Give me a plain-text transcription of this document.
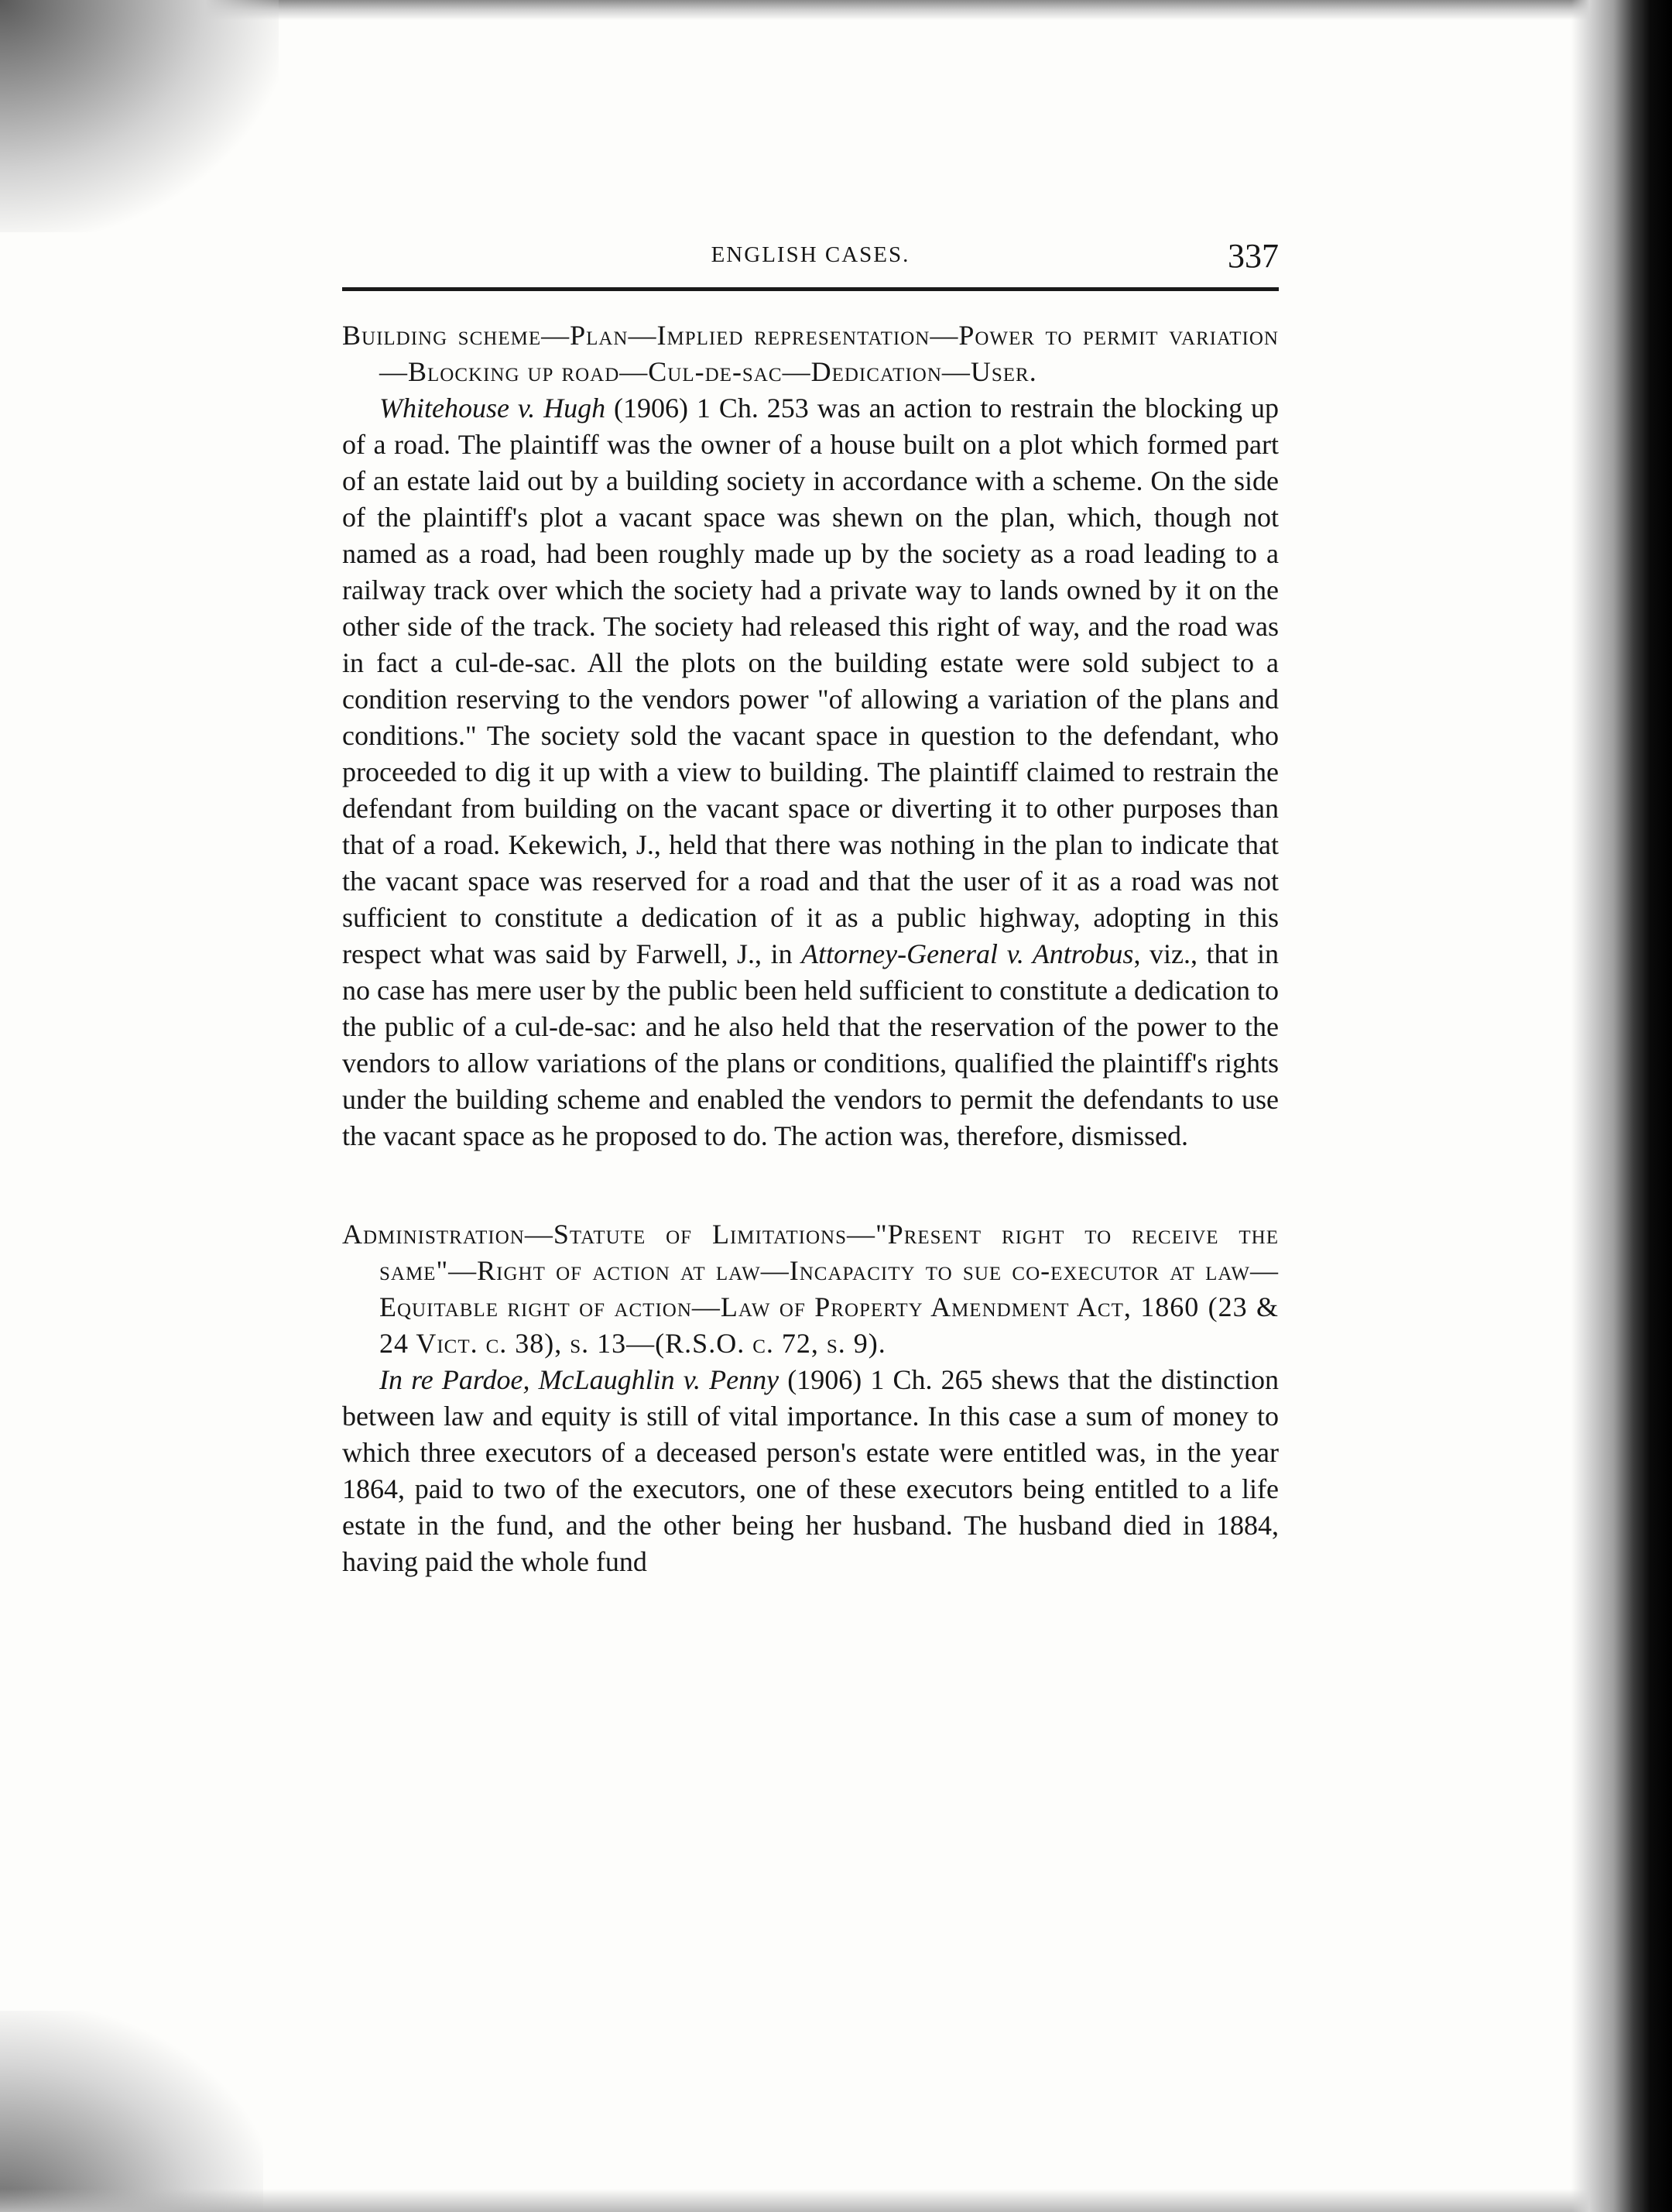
ENGLISH CASES.	337

Building scheme—Plan—Implied representation—Power to permit variation—Blocking up road—Cul-de-sac—Dedication—User.

Whitehouse v. Hugh (1906) 1 Ch. 253 was an action to restrain the blocking up of a road. The plaintiff was the owner of a house built on a plot which formed part of an estate laid out by a building society in accordance with a scheme. On the side of the plaintiff's plot a vacant space was shewn on the plan, which, though not named as a road, had been roughly made up by the society as a road leading to a railway track over which the society had a private way to lands owned by it on the other side of the track. The society had released this right of way, and the road was in fact a cul-de-sac. All the plots on the building estate were sold subject to a condition reserving to the vendors power "of allowing a variation of the plans and conditions." The society sold the vacant space in question to the defendant, who proceeded to dig it up with a view to building. The plaintiff claimed to restrain the defendant from building on the vacant space or diverting it to other purposes than that of a road. Kekewich, J., held that there was nothing in the plan to indicate that the vacant space was reserved for a road and that the user of it as a road was not sufficient to constitute a dedication of it as a public highway, adopting in this respect what was said by Farwell, J., in Attorney-General v. Antrobus, viz., that in no case has mere user by the public been held sufficient to constitute a dedication to the public of a cul-de-sac: and he also held that the reservation of the power to the vendors to allow variations of the plans or conditions, qualified the plaintiff's rights under the building scheme and enabled the vendors to permit the defendants to use the vacant space as he proposed to do. The action was, therefore, dismissed.

Administration—Statute of Limitations—"Present right to receive the same"—Right of action at law—Incapacity to sue co-executor at law—Equitable right of action—Law of Property Amendment Act, 1860 (23 & 24 Vict. c. 38), s. 13—(R.S.O. c. 72, s. 9).

In re Pardoe, McLaughlin v. Penny (1906) 1 Ch. 265 shews that the distinction between law and equity is still of vital importance. In this case a sum of money to which three executors of a deceased person's estate were entitled was, in the year 1864, paid to two of the executors, one of these executors being entitled to a life estate in the fund, and the other being her husband. The husband died in 1884, having paid the whole fund
